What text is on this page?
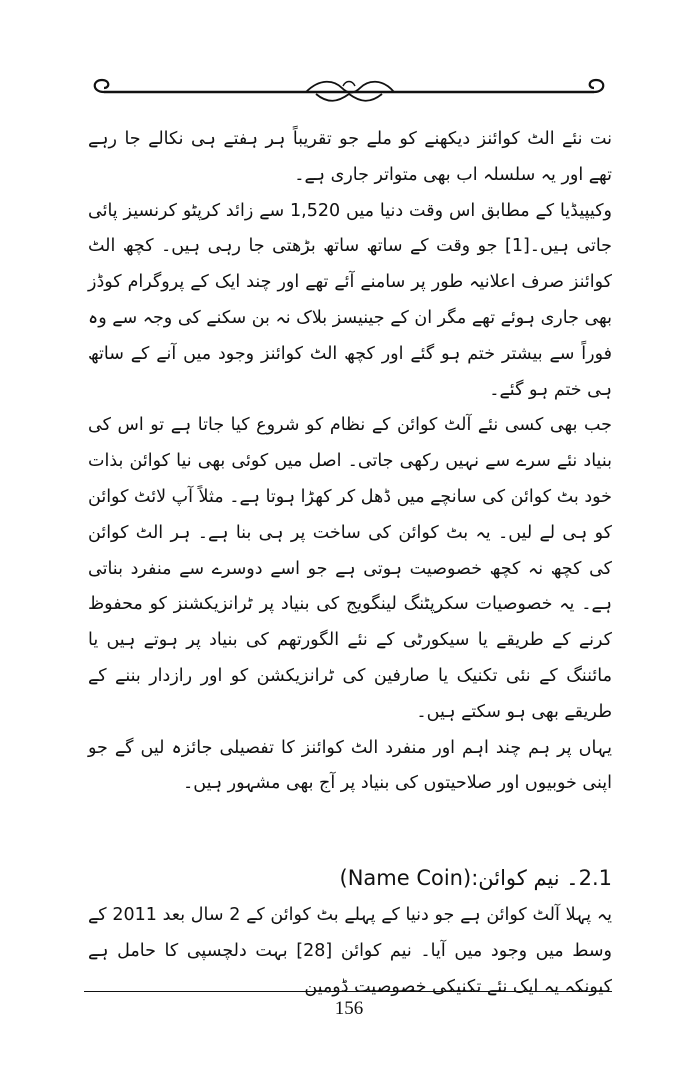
نت نئے الٹ کوائنز دیکھنے کو ملے جو تقریباً ہر ہفتے ہی نکالے جا رہے تھے اور یہ سلسلہ اب بھی متواتر جاری ہے۔

وکیپیڈیا کے مطابق اس وقت دنیا میں 1,520 سے زائد کرپٹو کرنسیز پائی جاتی ہیں۔[1] جو وقت کے ساتھ ساتھ بڑھتی جا رہی ہیں۔ کچھ الٹ کوائنز صرف اعلانیہ طور پر سامنے آئے تھے اور چند ایک کے پروگرام کوڈز بھی جاری ہوئے تھے مگر ان کے جینیسز بلاک نہ بن سکنے کی وجہ سے وہ فوراً سے بیشتر ختم ہو گئے اور کچھ الٹ کوائنز وجود میں آنے کے ساتھ ہی ختم ہو گئے۔

جب بھی کسی نئے آلٹ کوائن کے نظام کو شروع کیا جاتا ہے تو اس کی بنیاد نئے سرے سے نہیں رکھی جاتی۔ اصل میں کوئی بھی نیا کوائن بذات خود بٹ کوائن کی سانچے میں ڈھل کر کھڑا ہوتا ہے۔ مثلاً آپ لائٹ کوائن کو ہی لے لیں۔ یہ بٹ کوائن کی ساخت پر ہی بنا ہے۔ ہر الٹ کوائن کی کچھ نہ کچھ خصوصیت ہوتی ہے جو اسے دوسرے سے منفرد بناتی ہے۔ یہ خصوصیات سکرپٹنگ لینگویج کی بنیاد پر ٹرانزیکشنز کو محفوظ کرنے کے طریقے یا سیکورٹی کے نئے الگورتھم کی بنیاد پر ہوتے ہیں یا مائننگ کے نئی تکنیک یا صارفین کی ٹرانزیکشن کو اور رازدار بننے کے طریقے بھی ہو سکتے ہیں۔

یہاں پر ہم چند اہم اور منفرد الٹ کوائنز کا تفصیلی جائزہ لیں گے جو اپنی خوبیوں اور صلاحیتوں کی بنیاد پر آج بھی مشہور ہیں۔

2.1۔ نیم کوائن:(Name Coin)

یہ پہلا آلٹ کوائن ہے جو دنیا کے پہلے بٹ کوائن کے 2 سال بعد 2011 کے وسط میں وجود میں آیا۔ نیم کوائن [28] بہت دلچسپی کا حامل ہے کیونکہ یہ ایک نئے تکنیکی خصوصیت ڈومین

156
